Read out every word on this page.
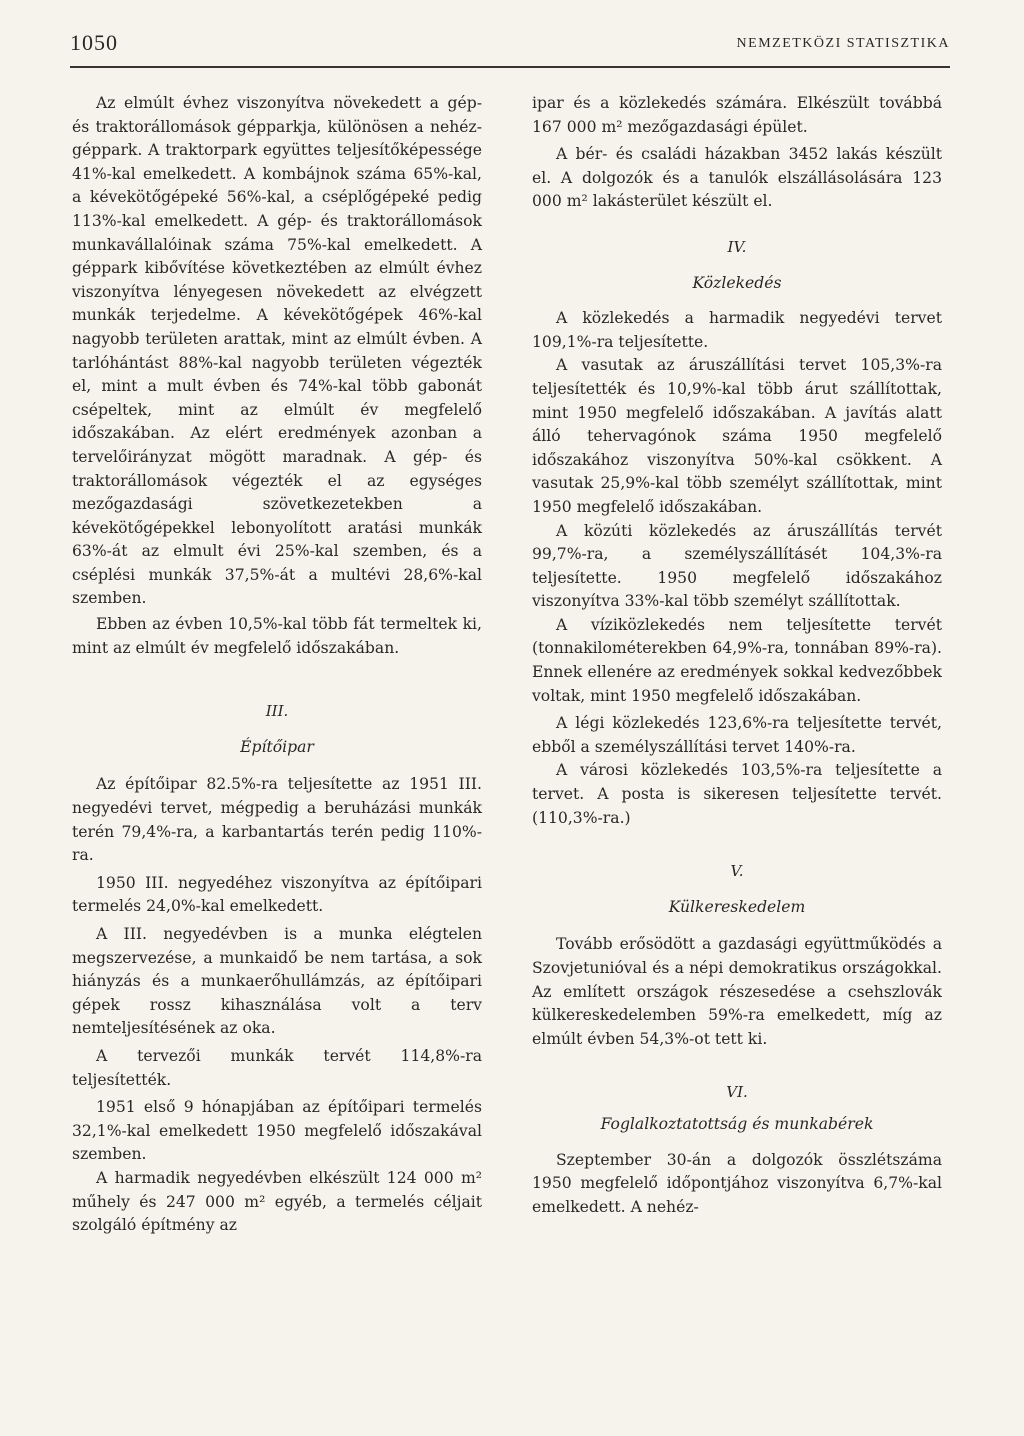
1050	NEMZETKÖZI STATISZTIKA

Az elmúlt évhez viszonyítva növekedett a gép- és traktorállomások gépparkja, különösen a nehéz-géppark. A traktorpark együttes teljesítőképessége 41%-kal emelkedett. A kombájnok száma 65%-kal, a kévekötőgépeké 56%-kal, a cséplőgépeké pedig 113%-kal emelkedett. A gép- és traktorállomások munkavállalóinak száma 75%-kal emelkedett. A géppark kibővítése következtében az elmúlt évhez viszonyítva lényegesen növekedett az elvégzett munkák terjedelme. A kévekötőgépek 46%-kal nagyobb területen arattak, mint az elmúlt évben. A tarlóhántást 88%-kal nagyobb területen végezték el, mint a mult évben és 74%-kal több gabonát csépeltek, mint az elmúlt év megfelelő időszakában. Az elért eredmények azonban a tervelőirányzat mögött maradnak. A gép- és traktorállomások végezték el az egységes mezőgazdasági szövetkezetekben a kévekötőgépekkel lebonyolított aratási munkák 63%-át az elmult évi 25%-kal szemben, és a cséplési munkák 37,5%-át a multévi 28,6%-kal szemben.

Ebben az évben 10,5%-kal több fát termeltek ki, mint az elmúlt év megfelelő időszakában.

III.
Építőipar

Az építőipar 82.5%-ra teljesítette az 1951 III. negyedévi tervet, mégpedig a beruházási munkák terén 79,4%-ra, a karbantartás terén pedig 110%-ra.

1950 III. negyedéhez viszonyítva az építőipari termelés 24,0%-kal emelkedett.

A III. negyedévben is a munka elégtelen megszervezése, a munkaidő be nem tartása, a sok hiányzás és a munkaerőhullámzás, az építőipari gépek rossz kihasználása volt a terv nemteljesítésének az oka.

A tervezői munkák tervét 114,8%-ra teljesítették.

1951 első 9 hónapjában az építőipari termelés 32,1%-kal emelkedett 1950 megfelelő időszakával szemben.

A harmadik negyedévben elkészült 124 000 m² műhely és 247 000 m² egyéb, a termelés céljait szolgáló építmény az

ipar és a közlekedés számára. Elkészült továbbá 167 000 m² mezőgazdasági épület.

A bér- és családi házakban 3452 lakás készült el. A dolgozók és a tanulók elszállásolására 123 000 m² lakásterület készült el.

IV.
Közlekedés

A közlekedés a harmadik negyedévi tervet 109,1%-ra teljesítette.

A vasutak az áruszállítási tervet 105,3%-ra teljesítették és 10,9%-kal több árut szállítottak, mint 1950 megfelelő időszakában. A javítás alatt álló tehervagónok száma 1950 megfelelő időszakához viszonyítva 50%-kal csökkent. A vasutak 25,9%-kal több személyt szállítottak, mint 1950 megfelelő időszakában.

A közúti közlekedés az áruszállítás tervét 99,7%-ra, a személyszállításét 104,3%-ra teljesítette. 1950 megfelelő időszakához viszonyítva 33%-kal több személyt szállítottak.

A víziközlekedés nem teljesítette tervét (tonnakilométerekben 64,9%-ra, tonnában 89%-ra). Ennek ellenére az eredmények sokkal kedvezőbbek voltak, mint 1950 megfelelő időszakában.

A légi közlekedés 123,6%-ra teljesítette tervét, ebből a személyszállítási tervet 140%-ra.

A városi közlekedés 103,5%-ra teljesítette a tervet. A posta is sikeresen teljesítette tervét. (110,3%-ra.)

V.
Külkereskedelem

Tovább erősödött a gazdasági együttműködés a Szovjetunióval és a népi demokratikus országokkal. Az említett országok részesedése a csehszlovák külkereskedelemben 59%-ra emelkedett, míg az elmúlt évben 54,3%-ot tett ki.

VI.
Foglalkoztatottság és munkabérek

Szeptember 30-án a dolgozók összlétszáma 1950 megfelelő időpontjához viszonyítva 6,7%-kal emelkedett. A nehéz-
